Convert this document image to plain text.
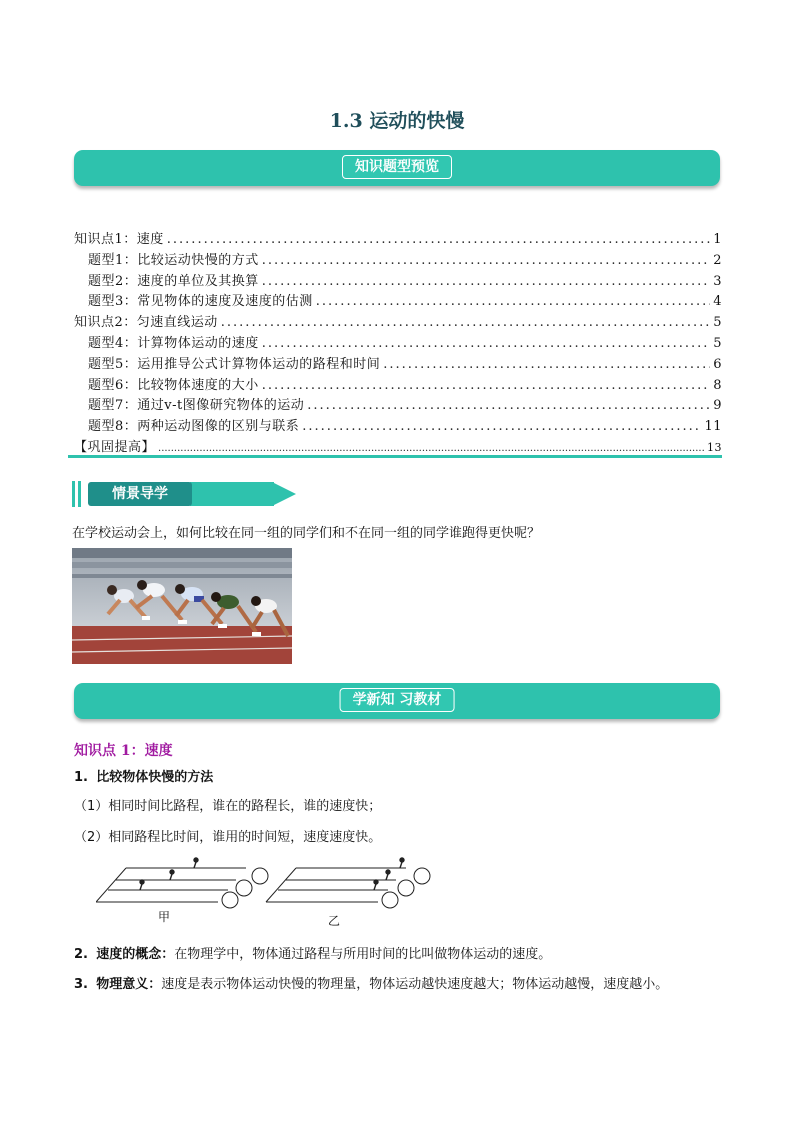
1.3 运动的快慢
知识题型预览
知识点1：速度 .....	1
题型1：比较运动快慢的方式 .....	2
题型2：速度的单位及其换算 .....	3
题型3：常见物体的速度及速度的估测 .....	4
知识点2：匀速直线运动 .....	5
题型4：计算物体运动的速度 .....	5
题型5：运用推导公式计算物体运动的路程和时间 .....	6
题型6：比较物体速度的大小 .....	8
题型7：通过v-t图像研究物体的运动 .....	9
题型8：两种运动图像的区别与联系 .....	11
【巩固提高】 .....	13
情景导学
在学校运动会上，如何比较在同一组的同学们和不在同一组的同学谁跑得更快呢？
学新知 习教材
知识点 1：速度
1. 比较物体快慢的方法
（1）相同时间比路程，谁在的路程长，谁的速度快；
（2）相同路程比时间，谁用的时间短，速度速度快。
甲	乙
2. 速度的概念：在物理学中，物体通过路程与所用时间的比叫做物体运动的速度。
3. 物理意义：速度是表示物体运动快慢的物理量，物体运动越快速度越大；物体运动越慢，速度越小。
